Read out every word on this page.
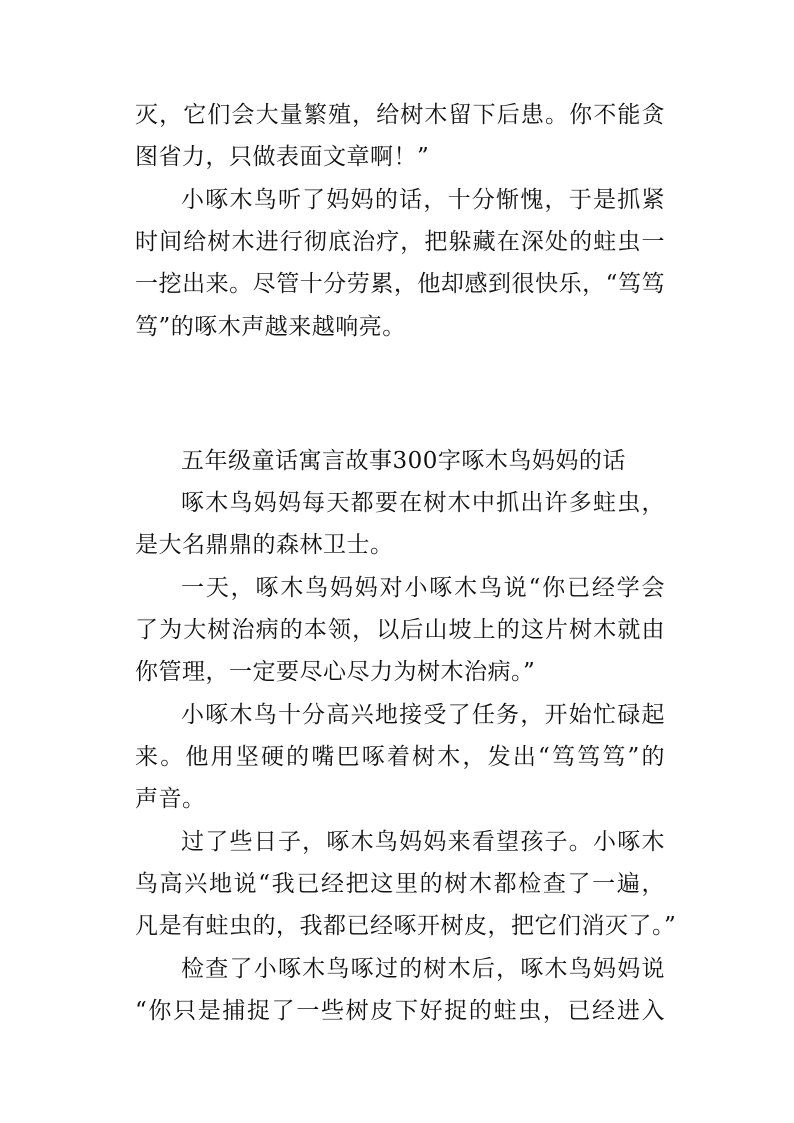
灭，它们会大量繁殖，给树木留下后患。你不能贪
图省力，只做表面文章啊！”
小啄木鸟听了妈妈的话，十分惭愧，于是抓紧
时间给树木进行彻底治疗，把躲藏在深处的蛀虫一
一挖出来。尽管十分劳累，他却感到很快乐，“笃笃
笃”的啄木声越来越响亮。
五年级童话寓言故事300字啄木鸟妈妈的话
啄木鸟妈妈每天都要在树木中抓出许多蛀虫，
是大名鼎鼎的森林卫士。
一天，啄木鸟妈妈对小啄木鸟说“你已经学会
了为大树治病的本领，以后山坡上的这片树木就由
你管理，一定要尽心尽力为树木治病。”
小啄木鸟十分高兴地接受了任务，开始忙碌起
来。他用坚硬的嘴巴啄着树木，发出“笃笃笃”的
声音。
过了些日子，啄木鸟妈妈来看望孩子。小啄木
鸟高兴地说“我已经把这里的树木都检查了一遍，
凡是有蛀虫的，我都已经啄开树皮，把它们消灭了。”
检查了小啄木鸟啄过的树木后，啄木鸟妈妈说
“你只是捕捉了一些树皮下好捉的蛀虫，已经进入
